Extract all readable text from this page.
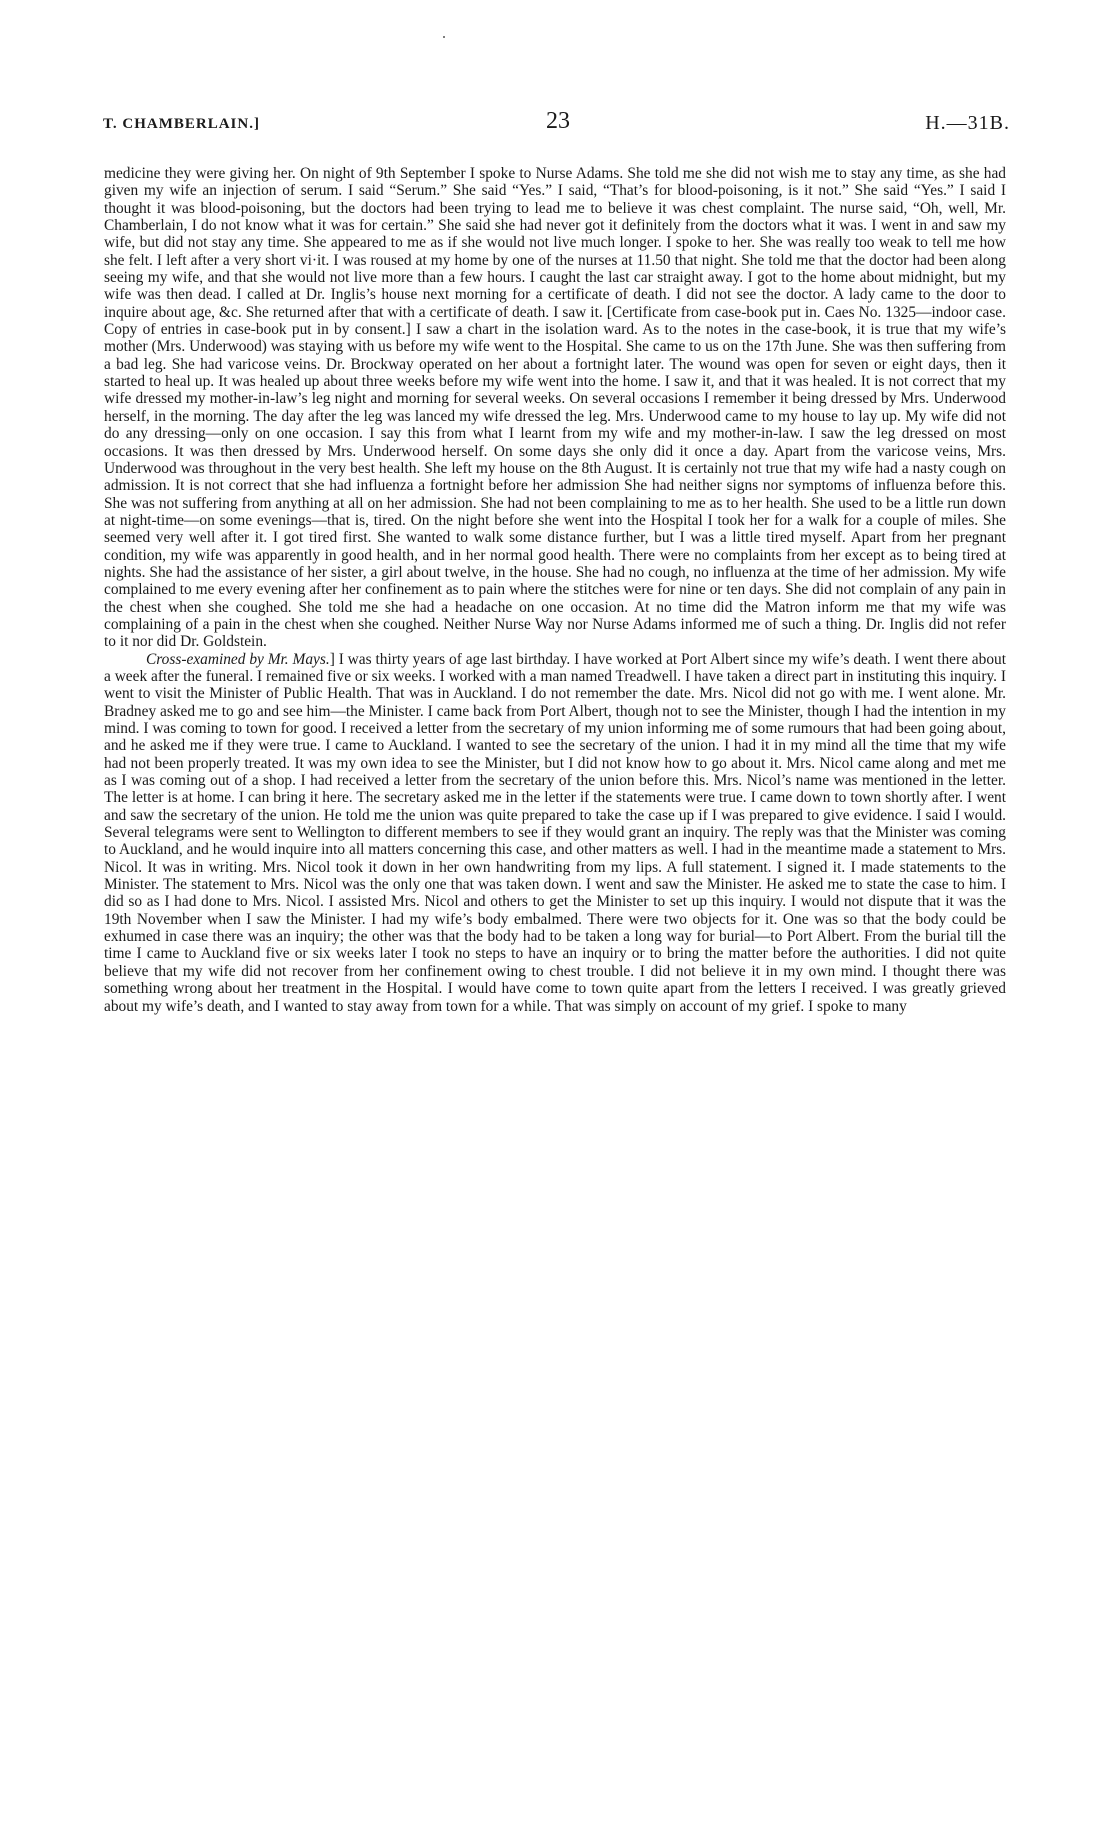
T. CHAMBERLAIN.]	23	H.—31B.

medicine they were giving her. On night of 9th September I spoke to Nurse Adams. She told me she did not wish me to stay any time, as she had given my wife an injection of serum. I said “Serum.” She said “Yes.” I said, “That’s for blood-poisoning, is it not.” She said “Yes.” I said I thought it was blood-poisoning, but the doctors had been trying to lead me to believe it was chest complaint. The nurse said, “Oh, well, Mr. Chamberlain, I do not know what it was for certain.” She said she had never got it definitely from the doctors what it was. I went in and saw my wife, but did not stay any time. She appeared to me as if she would not live much longer. I spoke to her. She was really too weak to tell me how she felt. I left after a very short vi·it. I was roused at my home by one of the nurses at 11.50 that night. She told me that the doctor had been along seeing my wife, and that she would not live more than a few hours. I caught the last car straight away. I got to the home about midnight, but my wife was then dead. I called at Dr. Inglis’s house next morning for a certificate of death. I did not see the doctor. A lady came to the door to inquire about age, &c. She returned after that with a certificate of death. I saw it. [Certificate from case-book put in. Caes No. 1325—indoor case. Copy of entries in case-book put in by consent.] I saw a chart in the isolation ward. As to the notes in the case-book, it is true that my wife’s mother (Mrs. Underwood) was staying with us before my wife went to the Hospital. She came to us on the 17th June. She was then suffering from a bad leg. She had varicose veins. Dr. Brockway operated on her about a fortnight later. The wound was open for seven or eight days, then it started to heal up. It was healed up about three weeks before my wife went into the home. I saw it, and that it was healed. It is not correct that my wife dressed my mother-in-law’s leg night and morning for several weeks. On several occasions I remember it being dressed by Mrs. Underwood herself, in the morning. The day after the leg was lanced my wife dressed the leg. Mrs. Underwood came to my house to lay up. My wife did not do any dressing—only on one occasion. I say this from what I learnt from my wife and my mother-in-law. I saw the leg dressed on most occasions. It was then dressed by Mrs. Underwood herself. On some days she only did it once a day. Apart from the varicose veins, Mrs. Underwood was throughout in the very best health. She left my house on the 8th August. It is certainly not true that my wife had a nasty cough on admission. It is not correct that she had influenza a fortnight before her admission She had neither signs nor symptoms of influenza before this. She was not suffering from anything at all on her admission. She had not been complaining to me as to her health. She used to be a little run down at night-time—on some evenings—that is, tired. On the night before she went into the Hospital I took her for a walk for a couple of miles. She seemed very well after it. I got tired first. She wanted to walk some distance further, but I was a little tired myself. Apart from her pregnant condition, my wife was apparently in good health, and in her normal good health. There were no complaints from her except as to being tired at nights. She had the assistance of her sister, a girl about twelve, in the house. She had no cough, no influenza at the time of her admission. My wife complained to me every evening after her confinement as to pain where the stitches were for nine or ten days. She did not complain of any pain in the chest when she coughed. She told me she had a headache on one occasion. At no time did the Matron inform me that my wife was complaining of a pain in the chest when she coughed. Neither Nurse Way nor Nurse Adams informed me of such a thing. Dr. Inglis did not refer to it nor did Dr. Goldstein.

Cross-examined by Mr. Mays.] I was thirty years of age last birthday. I have worked at Port Albert since my wife’s death. I went there about a week after the funeral. I remained five or six weeks. I worked with a man named Treadwell. I have taken a direct part in instituting this inquiry. I went to visit the Minister of Public Health. That was in Auckland. I do not remember the date. Mrs. Nicol did not go with me. I went alone. Mr. Bradney asked me to go and see him—the Minister. I came back from Port Albert, though not to see the Minister, though I had the intention in my mind. I was coming to town for good. I received a letter from the secretary of my union informing me of some rumours that had been going about, and he asked me if they were true. I came to Auckland. I wanted to see the secretary of the union. I had it in my mind all the time that my wife had not been properly treated. It was my own idea to see the Minister, but I did not know how to go about it. Mrs. Nicol came along and met me as I was coming out of a shop. I had received a letter from the secretary of the union before this. Mrs. Nicol’s name was mentioned in the letter. The letter is at home. I can bring it here. The secretary asked me in the letter if the statements were true. I came down to town shortly after. I went and saw the secretary of the union. He told me the union was quite prepared to take the case up if I was prepared to give evidence. I said I would. Several telegrams were sent to Wellington to different members to see if they would grant an inquiry. The reply was that the Minister was coming to Auckland, and he would inquire into all matters concerning this case, and other matters as well. I had in the meantime made a statement to Mrs. Nicol. It was in writing. Mrs. Nicol took it down in her own handwriting from my lips. A full statement. I signed it. I made statements to the Minister. The statement to Mrs. Nicol was the only one that was taken down. I went and saw the Minister. He asked me to state the case to him. I did so as I had done to Mrs. Nicol. I assisted Mrs. Nicol and others to get the Minister to set up this inquiry. I would not dispute that it was the 19th November when I saw the Minister. I had my wife’s body embalmed. There were two objects for it. One was so that the body could be exhumed in case there was an inquiry; the other was that the body had to be taken a long way for burial—to Port Albert. From the burial till the time I came to Auckland five or six weeks later I took no steps to have an inquiry or to bring the matter before the authorities. I did not quite believe that my wife did not recover from her confinement owing to chest trouble. I did not believe it in my own mind. I thought there was something wrong about her treatment in the Hospital. I would have come to town quite apart from the letters I received. I was greatly grieved about my wife’s death, and I wanted to stay away from town for a while. That was simply on account of my grief. I spoke to many
